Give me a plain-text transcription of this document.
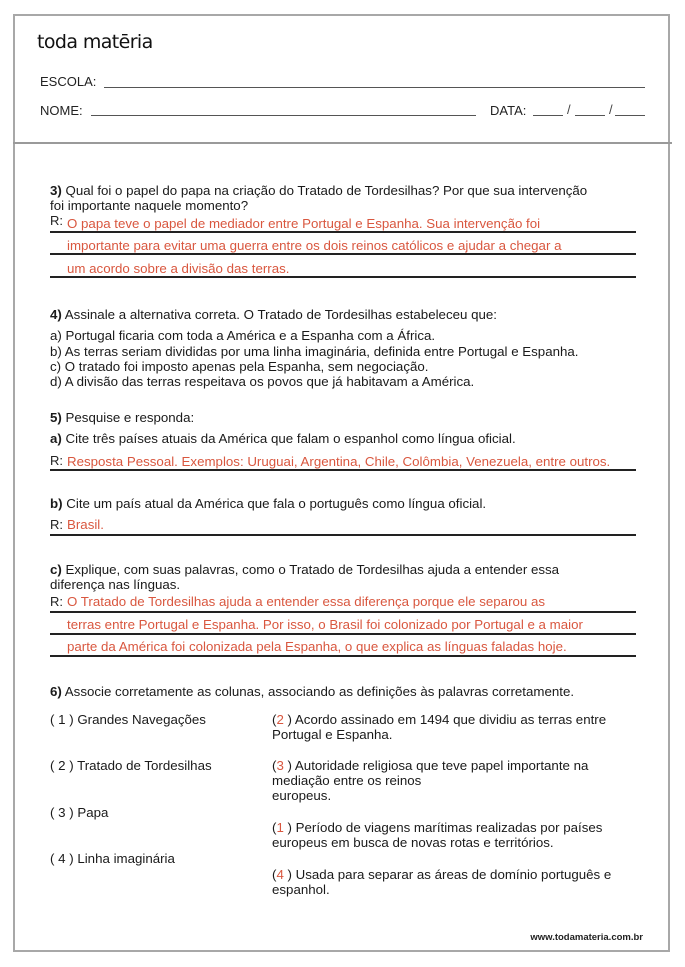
toda matēria
ESCOLA:
NOME:	DATA:	/	/
3) Qual foi o papel do papa na criação do Tratado de Tordesilhas? Por que sua intervenção
foi importante naquele momento?
R: O papa teve o papel de mediador entre Portugal e Espanha. Sua intervenção foi
importante para evitar uma guerra entre os dois reinos católicos e ajudar a chegar a
um acordo sobre a divisão das terras.
4) Assinale a alternativa correta. O Tratado de Tordesilhas estabeleceu que:
a) Portugal ficaria com toda a América e a Espanha com a África.
b) As terras seriam divididas por uma linha imaginária, definida entre Portugal e Espanha.
c) O tratado foi imposto apenas pela Espanha, sem negociação.
d) A divisão das terras respeitava os povos que já habitavam a América.
5) Pesquise e responda:
a) Cite três países atuais da América que falam o espanhol como língua oficial.
R: Resposta Pessoal. Exemplos: Uruguai, Argentina, Chile, Colômbia, Venezuela, entre outros.
b) Cite um país atual da América que fala o português como língua oficial.
R: Brasil.
c) Explique, com suas palavras, como o Tratado de Tordesilhas ajuda a entender essa
diferença nas línguas.
R: O Tratado de Tordesilhas ajuda a entender essa diferença porque ele separou as
terras entre Portugal e Espanha. Por isso, o Brasil foi colonizado por Portugal e a maior
parte da América foi colonizada pela Espanha, o que explica as línguas faladas hoje.
6) Associe corretamente as colunas, associando as definições às palavras corretamente.
( 1 ) Grandes Navegações
( 2 ) Tratado de Tordesilhas
( 3 ) Papa
( 4 ) Linha imaginária
(2 ) Acordo assinado em 1494 que dividiu as terras entre
Portugal e Espanha.
(3 ) Autoridade religiosa que teve papel importante na
mediação entre os reinos
europeus.
(1 ) Período de viagens marítimas realizadas por países
europeus em busca de novas rotas e territórios.
(4 ) Usada para separar as áreas de domínio português e
espanhol.
www.todamateria.com.br
